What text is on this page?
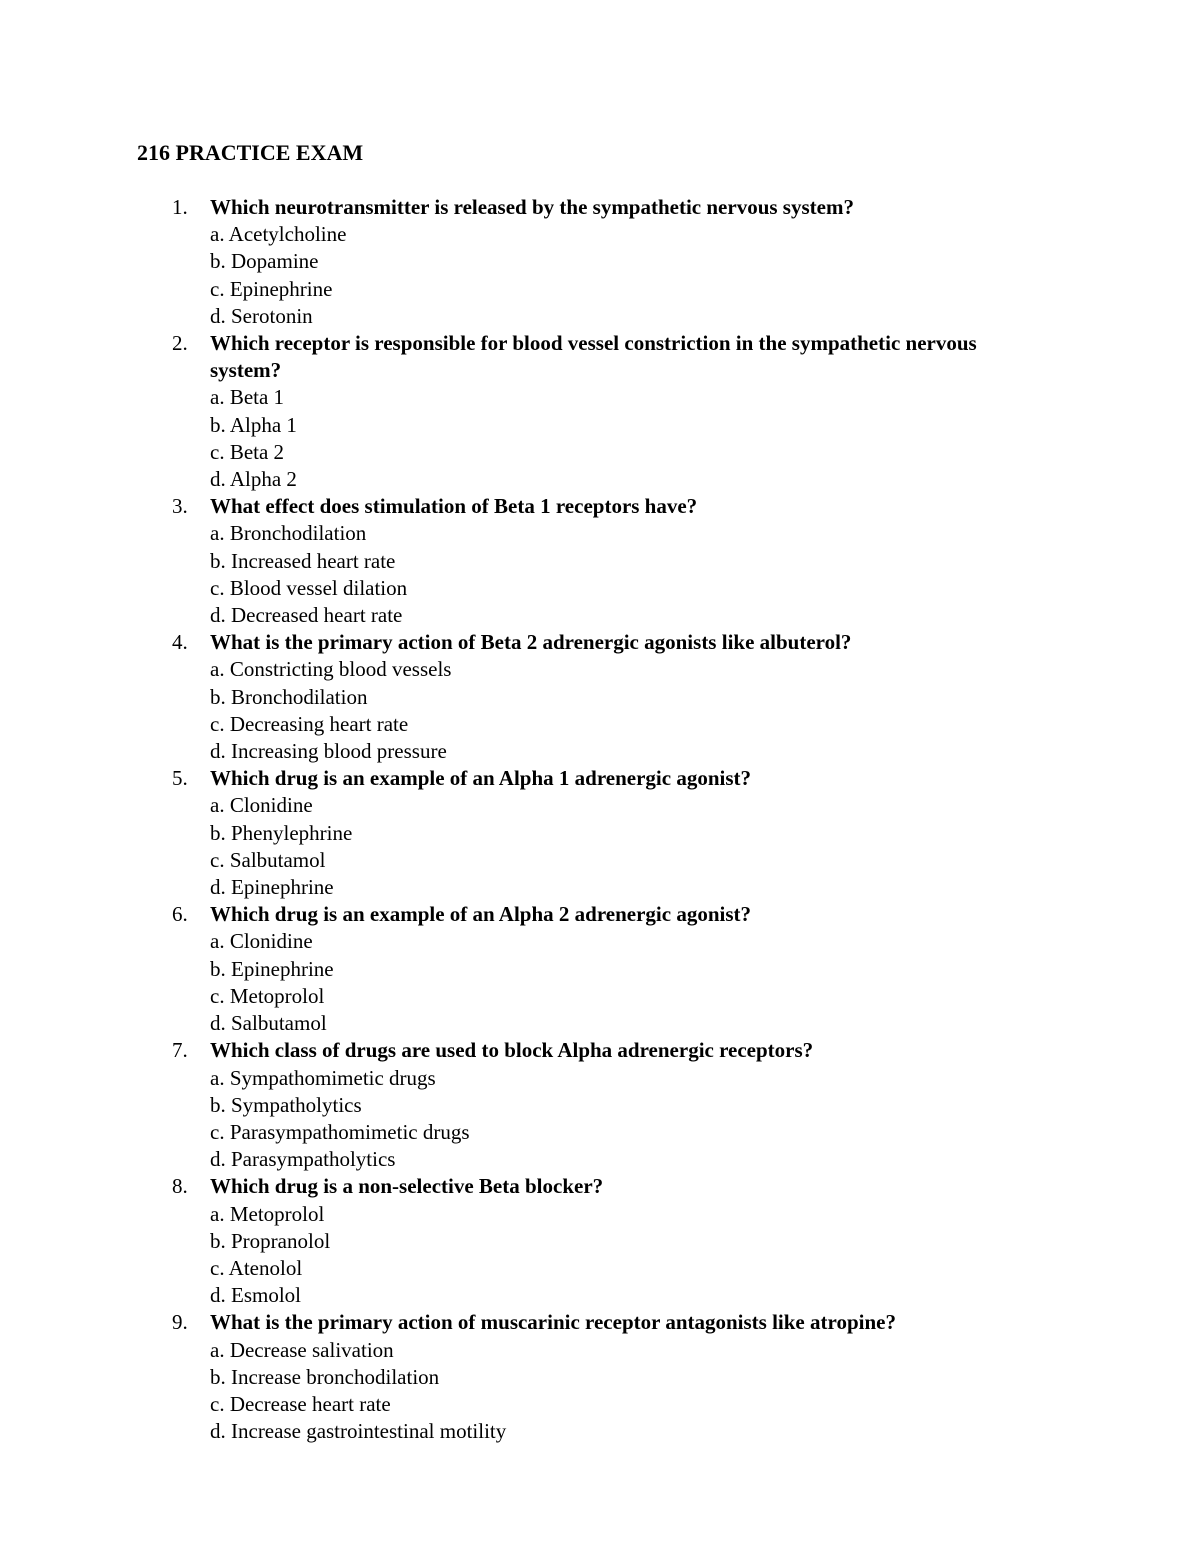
216 PRACTICE EXAM
1. Which neurotransmitter is released by the sympathetic nervous system?
a. Acetylcholine
b. Dopamine
c. Epinephrine
d. Serotonin
2. Which receptor is responsible for blood vessel constriction in the sympathetic nervous system?
a. Beta 1
b. Alpha 1
c. Beta 2
d. Alpha 2
3. What effect does stimulation of Beta 1 receptors have?
a. Bronchodilation
b. Increased heart rate
c. Blood vessel dilation
d. Decreased heart rate
4. What is the primary action of Beta 2 adrenergic agonists like albuterol?
a. Constricting blood vessels
b. Bronchodilation
c. Decreasing heart rate
d. Increasing blood pressure
5. Which drug is an example of an Alpha 1 adrenergic agonist?
a. Clonidine
b. Phenylephrine
c. Salbutamol
d. Epinephrine
6. Which drug is an example of an Alpha 2 adrenergic agonist?
a. Clonidine
b. Epinephrine
c. Metoprolol
d. Salbutamol
7. Which class of drugs are used to block Alpha adrenergic receptors?
a. Sympathomimetic drugs
b. Sympatholytics
c. Parasympathomimetic drugs
d. Parasympatholytics
8. Which drug is a non-selective Beta blocker?
a. Metoprolol
b. Propranolol
c. Atenolol
d. Esmolol
9. What is the primary action of muscarinic receptor antagonists like atropine?
a. Decrease salivation
b. Increase bronchodilation
c. Decrease heart rate
d. Increase gastrointestinal motility
